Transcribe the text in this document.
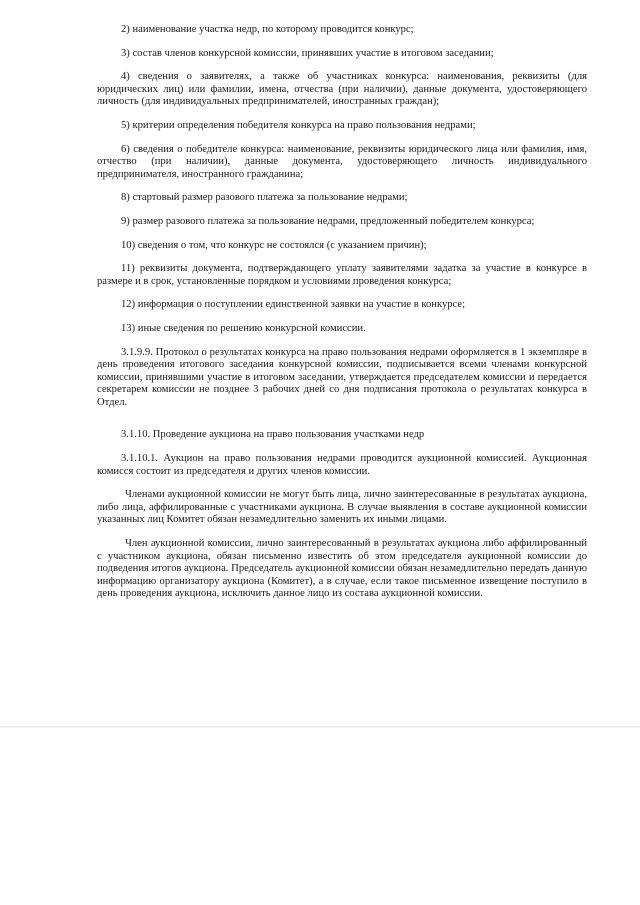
2) наименование участка недр, по которому проводится конкурс;

3) состав членов конкурсной комиссии, принявших участие в итоговом заседании;

4) сведения о заявителях, а также об участниках конкурса: наименования, реквизиты (для юридических лиц) или фамилии, имена, отчества (при наличии), данные документа, удостоверяющего личность (для индивидуальных предпринимателей, иностранных граждан);

5) критерии определения победителя конкурса на право пользования недрами;

6) сведения о победителе конкурса: наименование, реквизиты юридического лица или фамилия, имя, отчество (при наличии), данные документа, удостоверяющего личность индивидуального предпринимателя, иностранного гражданина;

8) стартовый размер разового платежа за пользование недрами;

9) размер разового платежа за пользование недрами, предложенный победителем конкурса;

10) сведения о том, что конкурс не состоялся (с указанием причин);

11) реквизиты документа, подтверждающего уплату заявителями задатка за участие в конкурсе в размере и в срок, установленные порядком и условиями проведения конкурса;

12) информация о поступлении единственной заявки на участие в конкурсе;

13) иные сведения по решению конкурсной комиссии.

3.1.9.9. Протокол о результатах конкурса на право пользования недрами оформляется в 1 экземпляре в день проведения итогового заседания конкурсной комиссии, подписывается всеми членами конкурсной комиссии, принявшими участие в итоговом заседании, утверждается председателем комиссии и передается секретарем комиссии не позднее 3 рабочих дней со дня подписания протокола о результатах конкурса в Отдел.

3.1.10. Проведение аукциона на право пользования участками недр

3.1.10.1. Аукцион на право пользования недрами проводится аукционной комиссией. Аукционная комисся состоит из председателя и других членов комиссии.

Членами аукционной комиссии не могут быть лица, лично заинтересованные в результатах аукциона, либо лица, аффилированные с участниками аукциона. В случае выявления в составе аукционной комиссии указанных лиц Комитет обязан незамедлительно заменить их иными лицами.

Член аукционной комиссии, лично заинтересованный в результатах аукциона либо аффилированный с участником аукциона, обязан письменно известить об этом председателя аукционной комиссии до подведения итогов аукциона. Председатель аукционной комиссии обязан незамедлительно передать данную информацию организатору аукциона (Комитет), а в случае, если такое письменное извещение поступило в день проведения аукциона, исключить данное лицо из состава аукционной комиссии.
